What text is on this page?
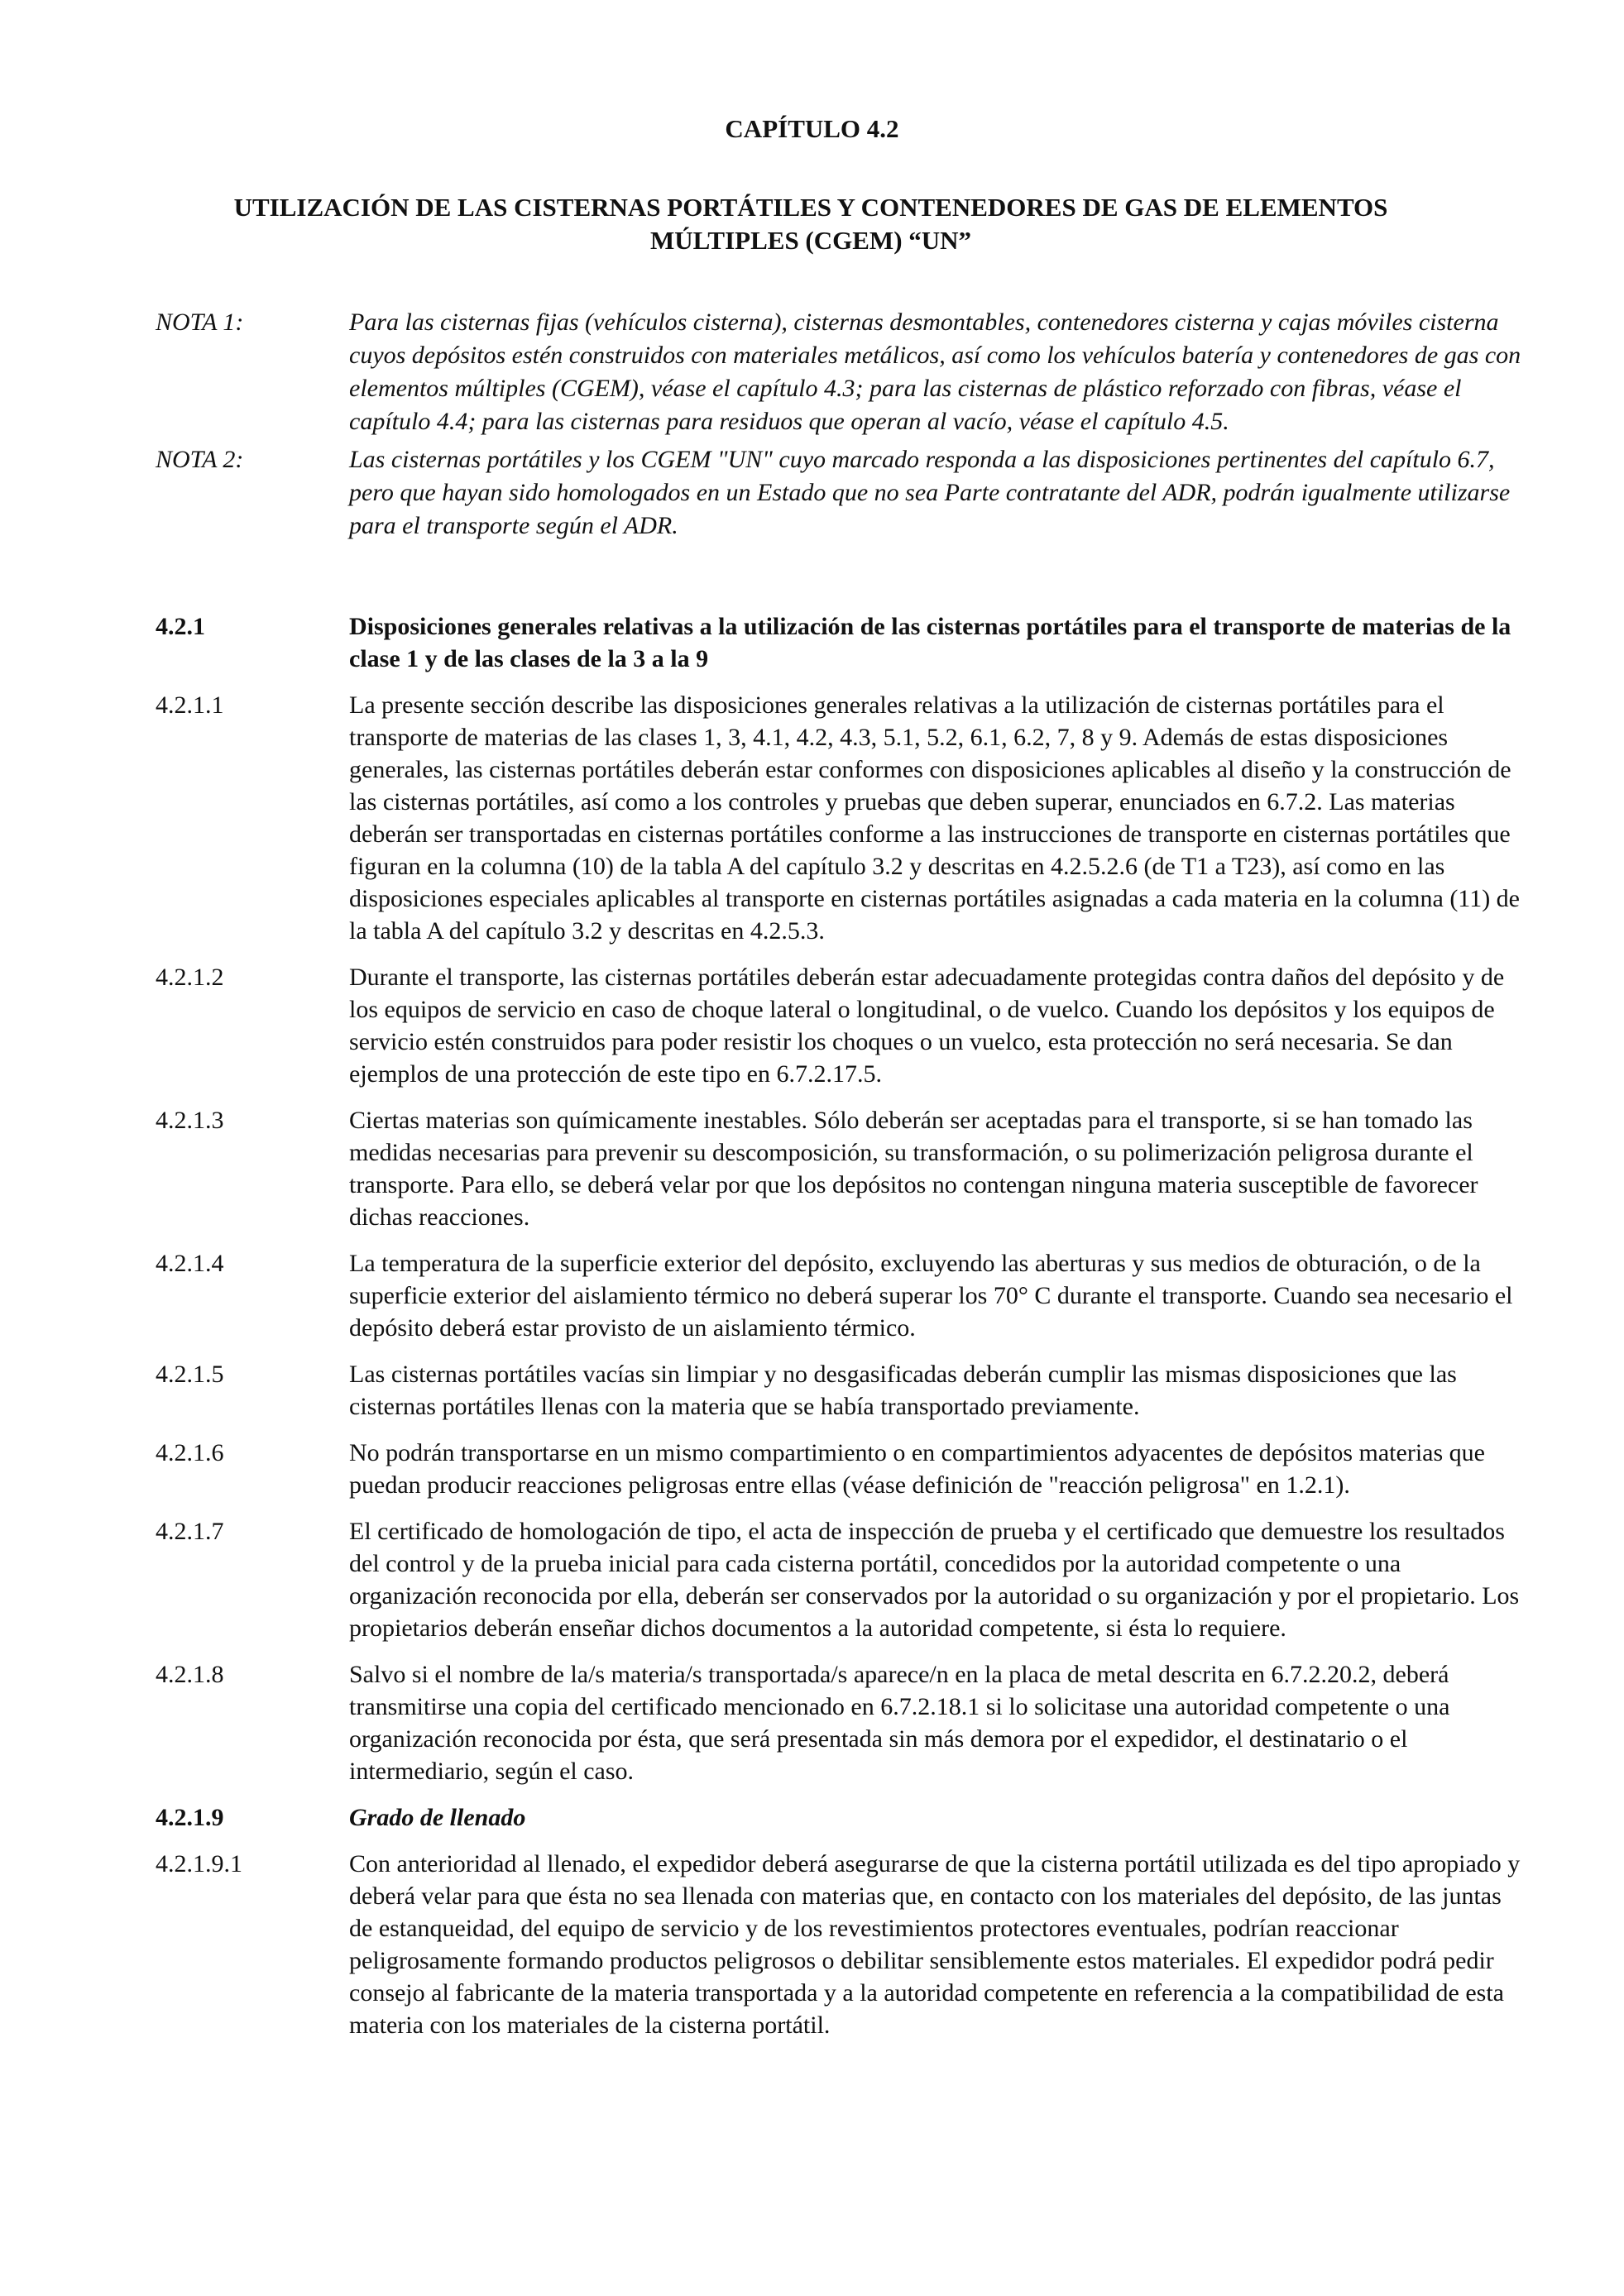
CAPÍTULO 4.2
UTILIZACIÓN DE LAS CISTERNAS PORTÁTILES Y CONTENEDORES DE GAS DE ELEMENTOS MÚLTIPLES (CGEM) “UN”
NOTA 1:	Para las cisternas fijas (vehículos cisterna), cisternas desmontables, contenedores cisterna y cajas móviles cisterna cuyos depósitos estén construidos con materiales metálicos, así como los vehículos batería y contenedores de gas con elementos múltiples (CGEM), véase el capítulo 4.3; para las cisternas de plástico reforzado con fibras, véase el capítulo 4.4; para las cisternas para residuos que operan al vacío, véase el capítulo 4.5.
NOTA 2:	Las cisternas portátiles y los CGEM "UN" cuyo marcado responda a las disposiciones pertinentes del capítulo 6.7, pero que hayan sido homologados en un Estado que no sea Parte contratante del ADR, podrán igualmente utilizarse para el transporte según el ADR.
4.2.1	Disposiciones generales relativas a la utilización de las cisternas portátiles para el transporte de materias de la clase 1 y de las clases de la 3 a la 9
4.2.1.1	La presente sección describe las disposiciones generales relativas a la utilización de cisternas portátiles para el transporte de materias de las clases 1, 3, 4.1, 4.2, 4.3, 5.1, 5.2, 6.1, 6.2, 7, 8 y 9. Además de estas disposiciones generales, las cisternas portátiles deberán estar conformes con disposiciones aplicables al diseño y la construcción de las cisternas portátiles, así como a los controles y pruebas que deben superar, enunciados en 6.7.2. Las materias deberán ser transportadas en cisternas portátiles conforme a las instrucciones de transporte en cisternas portátiles que figuran en la columna (10) de la tabla A del capítulo 3.2 y descritas en 4.2.5.2.6 (de T1 a T23), así como en las disposiciones especiales aplicables al transporte en cisternas portátiles asignadas a cada materia en la columna (11) de la tabla A del capítulo 3.2 y descritas en 4.2.5.3.
4.2.1.2	Durante el transporte, las cisternas portátiles deberán estar adecuadamente protegidas contra daños del depósito y de los equipos de servicio en caso de choque lateral o longitudinal, o de vuelco. Cuando los depósitos y los equipos de servicio estén construidos para poder resistir los choques o un vuelco, esta protección no será necesaria. Se dan ejemplos de una protección de este tipo en 6.7.2.17.5.
4.2.1.3	Ciertas materias son químicamente inestables. Sólo deberán ser aceptadas para el transporte, si se han tomado las medidas necesarias para prevenir su descomposición, su transformación, o su polimerización peligrosa durante el transporte. Para ello, se deberá velar por que los depósitos no contengan ninguna materia susceptible de favorecer dichas reacciones.
4.2.1.4	La temperatura de la superficie exterior del depósito, excluyendo las aberturas y sus medios de obturación, o de la superficie exterior del aislamiento térmico no deberá superar los 70° C durante el transporte. Cuando sea necesario el depósito deberá estar provisto de un aislamiento térmico.
4.2.1.5	Las cisternas portátiles vacías sin limpiar y no desgasificadas deberán cumplir las mismas disposiciones que las cisternas portátiles llenas con la materia que se había transportado previamente.
4.2.1.6	No podrán transportarse en un mismo compartimiento o en compartimientos adyacentes de depósitos materias que puedan producir reacciones peligrosas entre ellas (véase definición de "reacción peligrosa" en 1.2.1).
4.2.1.7	El certificado de homologación de tipo, el acta de inspección de prueba y el certificado que demuestre los resultados del control y de la prueba inicial para cada cisterna portátil, concedidos por la autoridad competente o una organización reconocida por ella, deberán ser conservados por la autoridad o su organización y por el propietario. Los propietarios deberán enseñar dichos documentos a la autoridad competente, si ésta lo requiere.
4.2.1.8	Salvo si el nombre de la/s materia/s transportada/s aparece/n en la placa de metal descrita en 6.7.2.20.2, deberá transmitirse una copia del certificado mencionado en 6.7.2.18.1 si lo solicitase una autoridad competente o una organización reconocida por ésta, que será presentada sin más demora por el expedidor, el destinatario o el intermediario, según el caso.
4.2.1.9	Grado de llenado
4.2.1.9.1	Con anterioridad al llenado, el expedidor deberá asegurarse de que la cisterna portátil utilizada es del tipo apropiado y deberá velar para que ésta no sea llenada con materias que, en contacto con los materiales del depósito, de las juntas de estanqueidad, del equipo de servicio y de los revestimientos protectores eventuales, podrían reaccionar peligrosamente formando productos peligrosos o debilitar sensiblemente estos materiales. El expedidor podrá pedir consejo al fabricante de la materia transportada y a la autoridad competente en referencia a la compatibilidad de esta materia con los materiales de la cisterna portátil.
